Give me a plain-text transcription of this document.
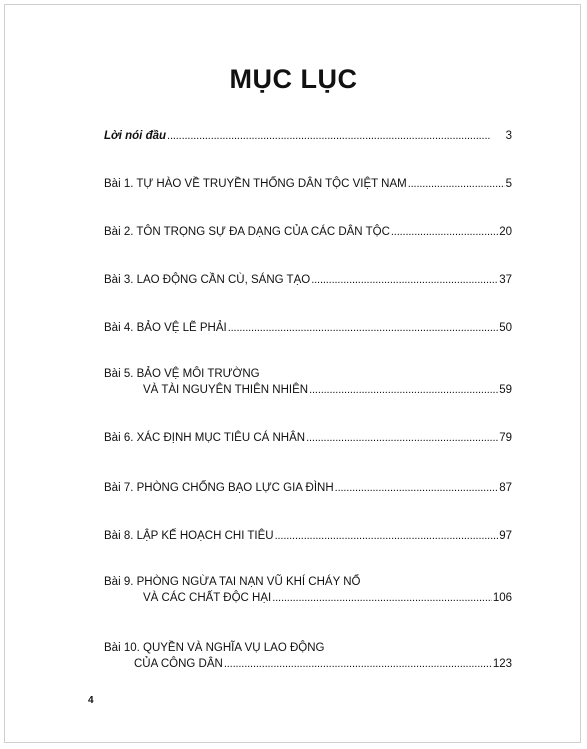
MỤC LỤC
Lời nói đầu . . .	3
Bài 1. TỰ HÀO VỀ TRUYỀN THỐNG DÂN TỘC VIỆT NAM . . .	5
Bài 2. TÔN TRỌNG SỰ ĐA DẠNG CỦA CÁC DÂN TỘC . . .	20
Bài 3. LAO ĐỘNG CẦN CÙ, SÁNG TẠO . . .	37
Bài 4. BẢO VỆ LẼ PHẢI . . .	50
Bài 5. BẢO VỆ MÔI TRƯỜNG
VÀ TÀI NGUYÊN THIÊN NHIÊN . . .	59
Bài 6. XÁC ĐỊNH MỤC TIÊU CÁ NHÂN . . .	79
Bài 7. PHÒNG CHỐNG BẠO LỰC GIA ĐÌNH . . .	87
Bài 8. LẬP KẾ HOẠCH CHI TIÊU . . .	97
Bài 9. PHÒNG NGỪA TAI NẠN VŨ KHÍ CHÁY NỔ
VÀ CÁC CHẤT ĐỘC HẠI . . .	106
Bài 10. QUYỀN VÀ NGHĨA VỤ LAO ĐỘNG
CỦA CÔNG DÂN . . .	123
4
